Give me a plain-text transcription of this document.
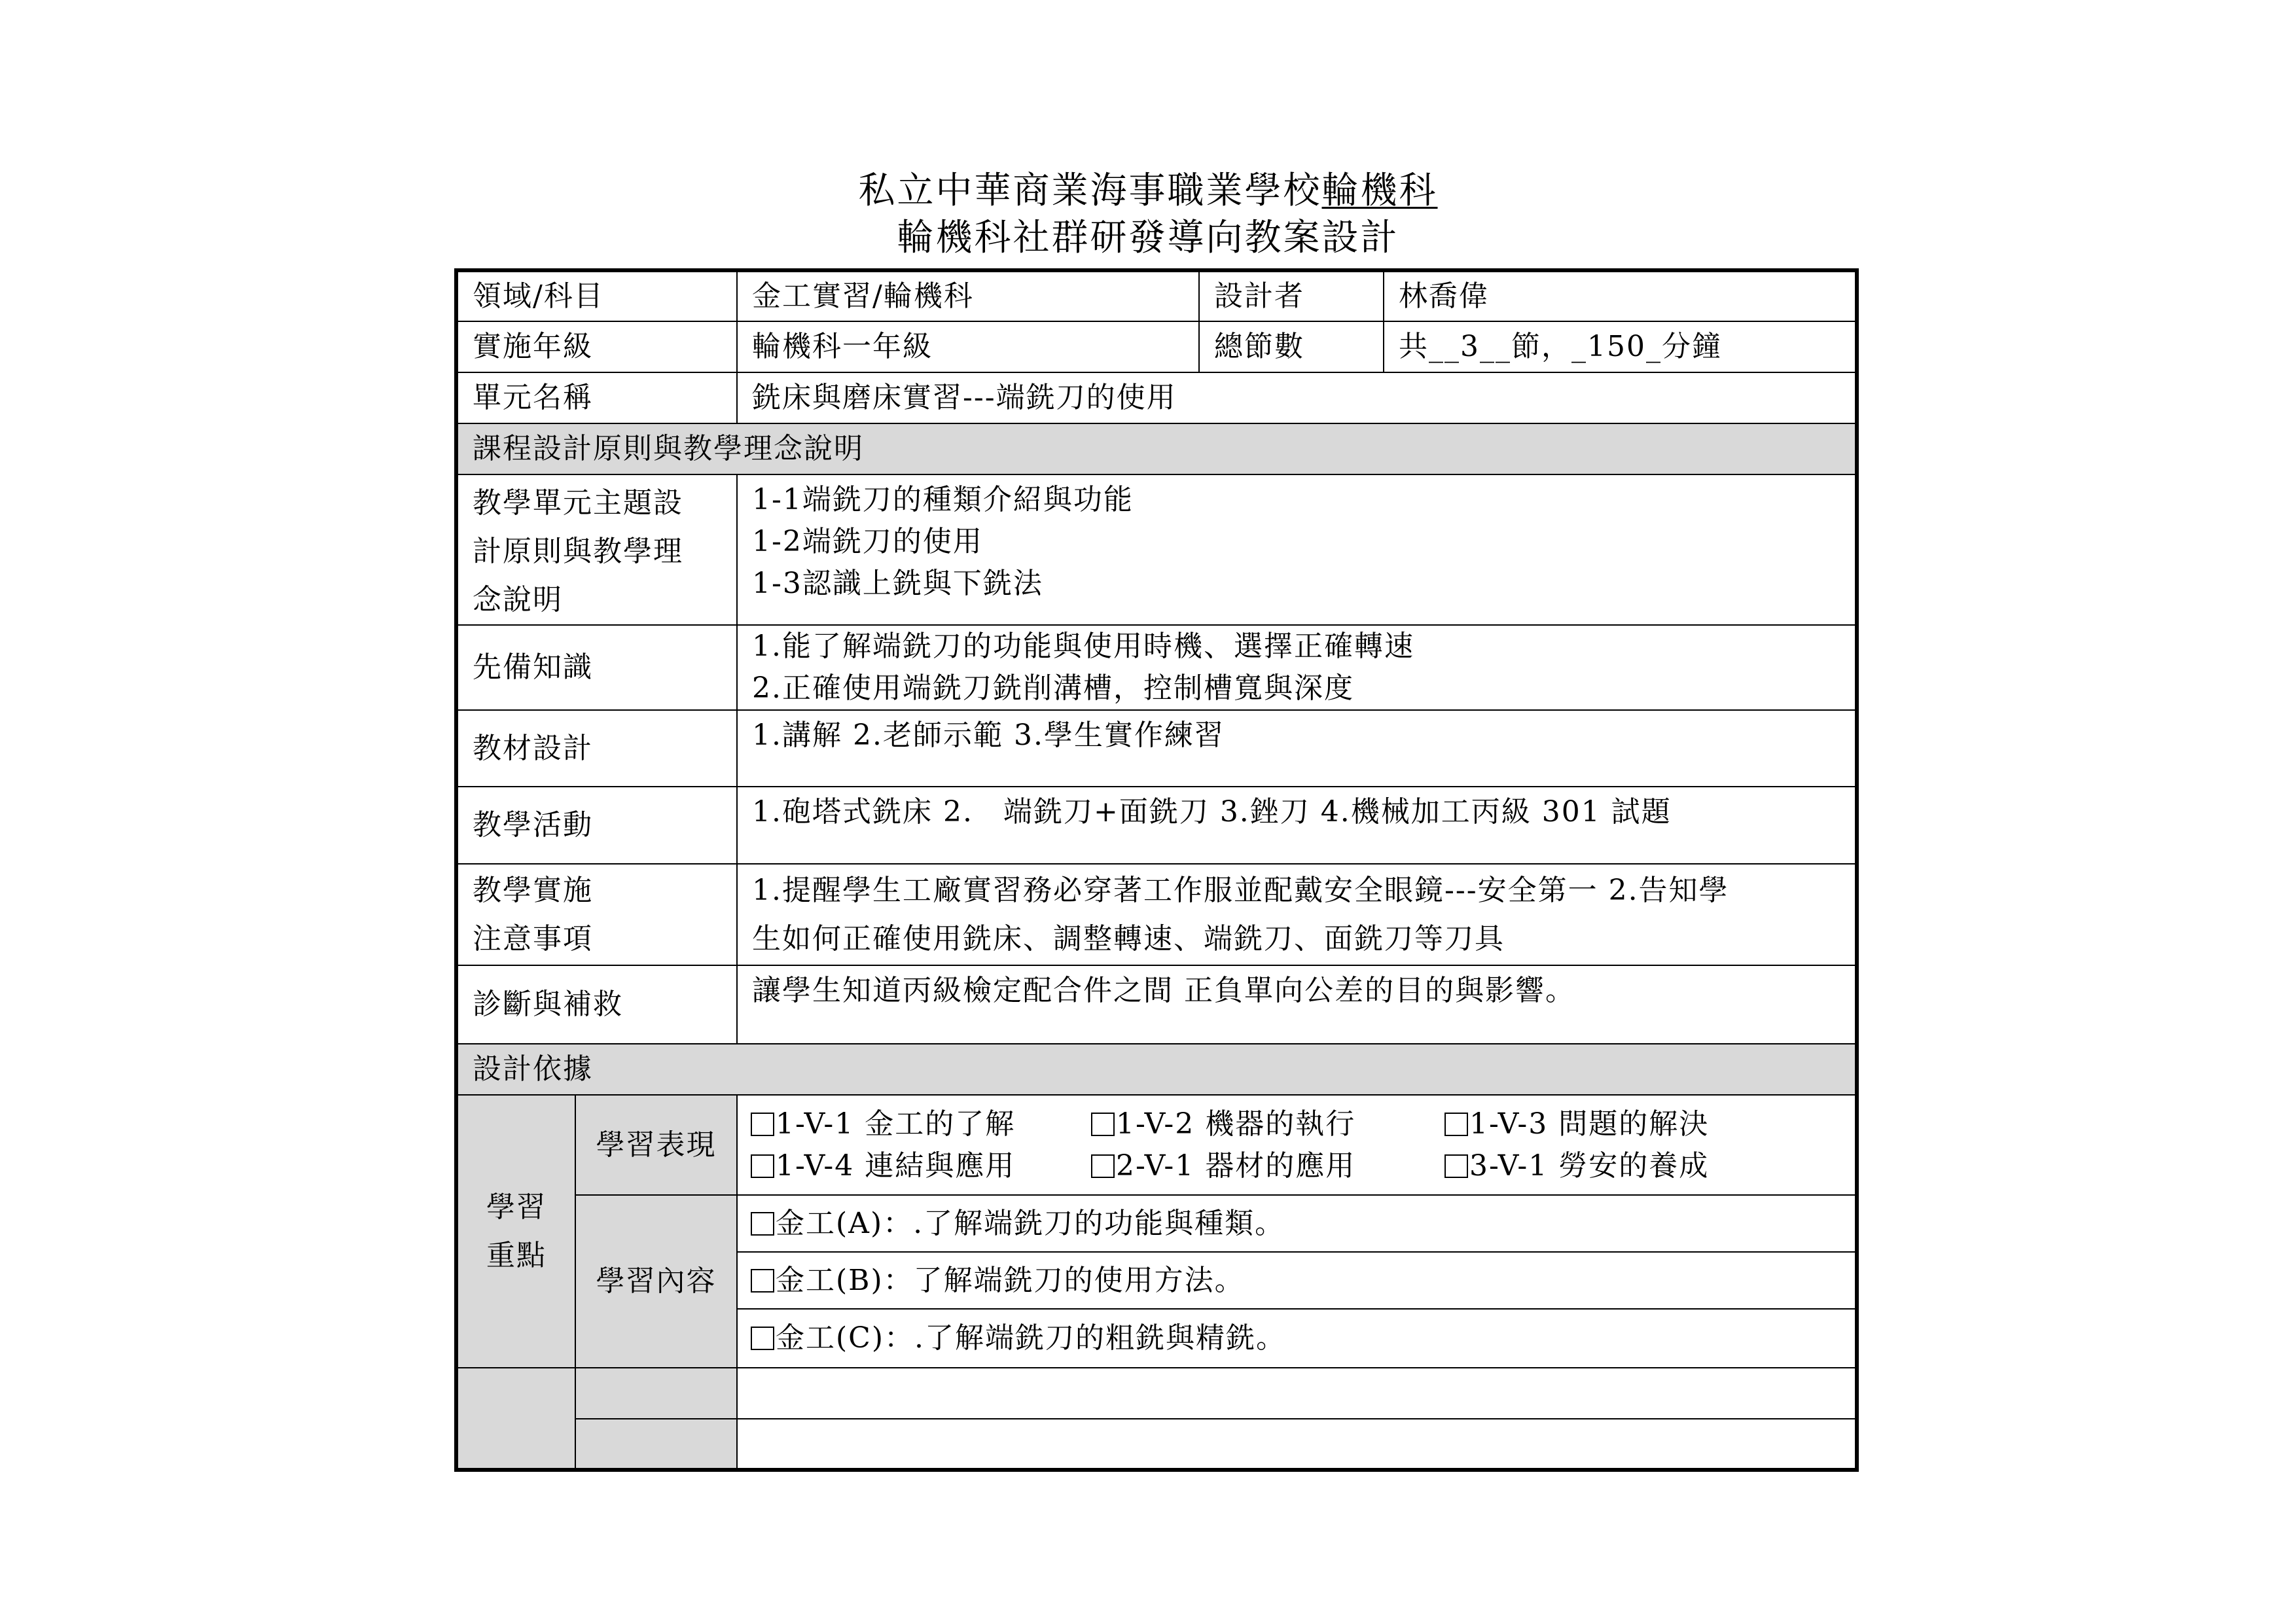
私立中華商業海事職業學校輪機科
輪機科社群研發導向教案設計
領域/科目		金工實習/輪機科	設計者	林喬偉
實施年級		輪機科一年級	總節數	共__3__節，_150_分鐘
單元名稱		銑床與磨床實習---端銑刀的使用		
課程設計原則與教學理念說明				

教學單元主題設
計原則與教學理
念說明		1-1端銑刀的種類介紹與功能
1-2端銑刀的使用
1-3認識上銑與下銑法		

先備知識		1.能了解端銑刀的功能與使用時機、選擇正確轉速
2.正確使用端銑刀銑削溝槽，控制槽寬與深度		

教材設計		1.講解 2.老師示範 3.學生實作練習		
教學活動		1.砲塔式銑床 2.　端銑刀+面銑刀 3.銼刀 4.機械加工丙級 301 試題		

教學實施
注意事項		1.提醒學生工廠實習務必穿著工作服並配戴安全眼鏡---安全第一 2.告知學
生如何正確使用銑床、調整轉速、端銑刀、面銑刀等刀具		

診斷與補救		讓學生知道丙級檢定配合件之間 正負單向公差的目的與影響。		
設計依據				

學習
重點	學習表現	1-V-1 金工的了解 1-V-2 機器的執行 1-V-3 問題的解決
1-V-4 連結與應用 2-V-1 器材的應用 3-V-1 勞安的養成		

	學習內容	金工(A)：.了解端銑刀的功能與種類。		
		金工(B)：了解端銑刀的使用方法。		
		金工(C)：.了解端銑刀的粗銑與精銑。		
